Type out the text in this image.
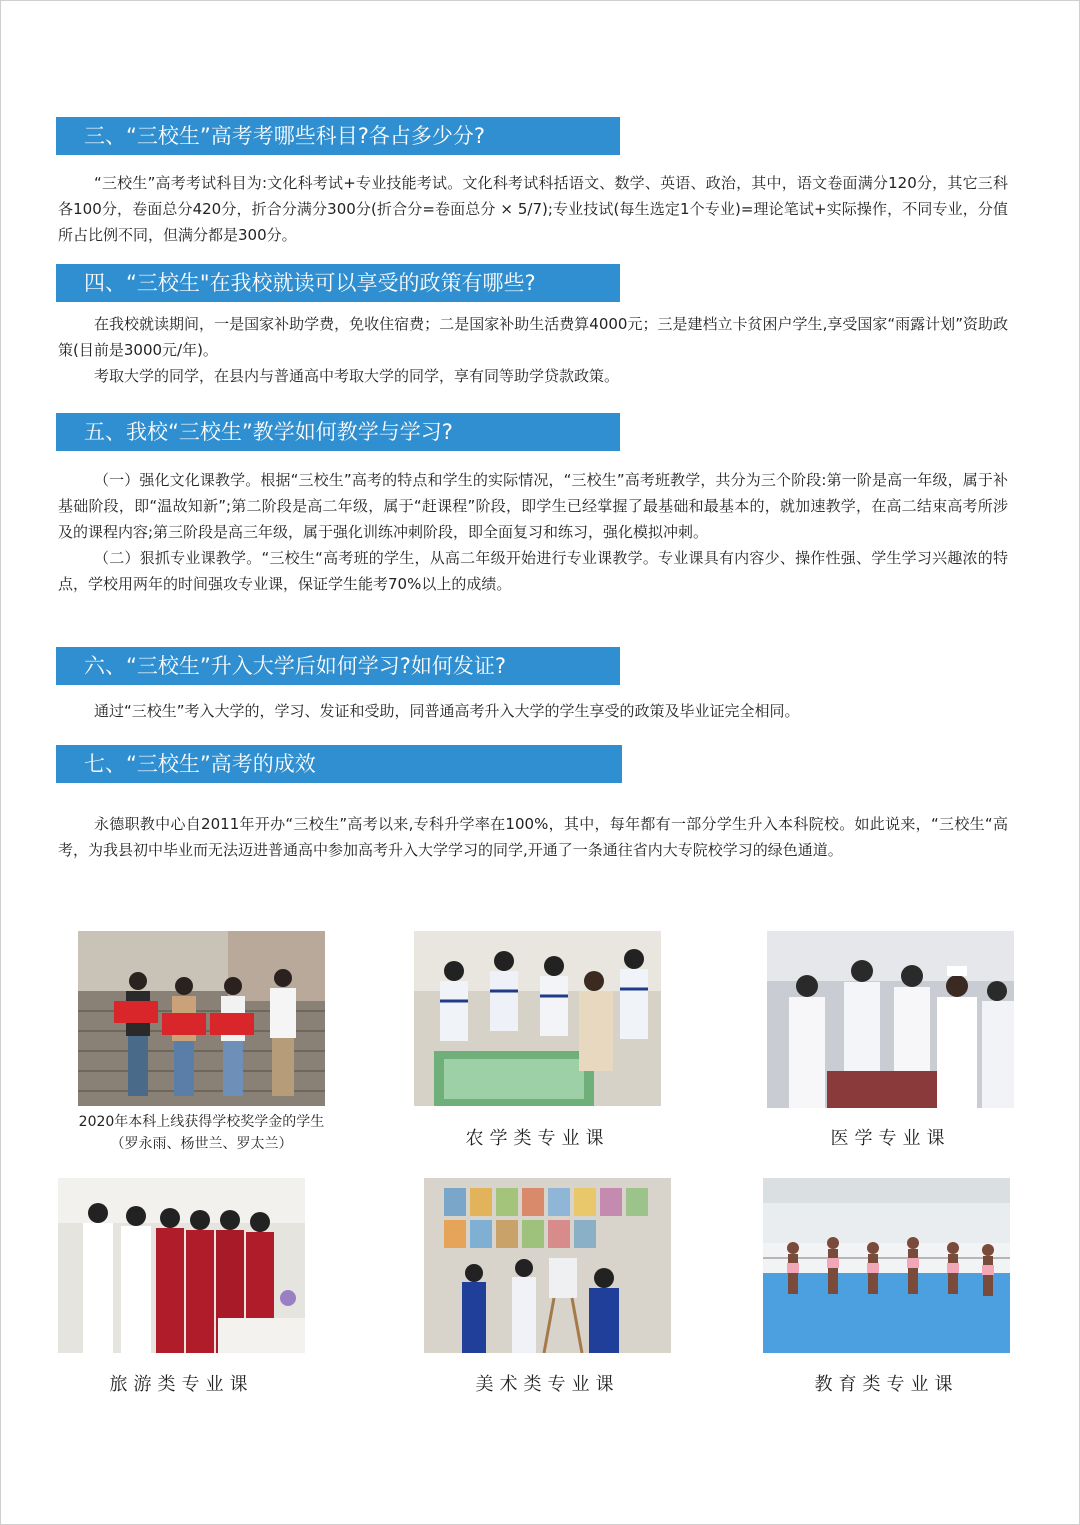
三、“三校生”高考考哪些科目?各占多少分?

“三校生”高考考试科目为:文化科考试+专业技能考试。文化科考试科括语文、数学、英语、政治，其中，语文卷面满分120分，其它三科各100分，卷面总分420分，折合分满分300分(折合分=卷面总分 × 5/7);专业技试(每生选定1个专业)=理论笔试+实际操作，不同专业，分值所占比例不同，但满分都是300分。

四、“三校生"在我校就读可以享受的政策有哪些?

在我校就读期间，一是国家补助学费，免收住宿费；二是国家补助生活费算4000元；三是建档立卡贫困户学生,享受国家“雨露计划”资助政策(目前是3000元/年)。

考取大学的同学，在县内与普通高中考取大学的同学，享有同等助学贷款政策。

五、我校“三校生”教学如何教学与学习?

（一）强化文化课教学。根据“三校生”高考的特点和学生的实际情况，“三校生”高考班教学，共分为三个阶段:第一阶是高一年级，属于补基础阶段，即“温故知新”;第二阶段是高二年级，属于“赶课程”阶段，即学生已经掌握了最基础和最基本的，就加速教学，在高二结束高考所涉及的课程内容;第三阶段是高三年级，属于强化训练冲刺阶段，即全面复习和练习，强化模拟冲刺。

（二）狠抓专业课教学。“三校生“高考班的学生，从高二年级开始进行专业课教学。专业课具有内容少、操作性强、学生学习兴趣浓的特点，学校用两年的时间强攻专业课，保证学生能考70%以上的成绩。

六、“三校生”升入大学后如何学习?如何发证?

通过“三校生”考入大学的，学习、发证和受助，同普通高考升入大学的学生享受的政策及毕业证完全相同。

七、“三校生”高考的成效

永德职教中心自2011年开办“三校生”高考以来,专科升学率在100%，其中，每年都有一部分学生升入本科院校。如此说来，“三校生“高考，为我县初中毕业而无法迈进普通高中参加高考升入大学学习的同学,开通了一条通往省内大专院校学习的绿色通道。

2020年本科上线获得学校奖学金的学生
（罗永雨、杨世兰、罗太兰）	农学类专业课	医学专业课
旅游类专业课	美术类专业课	教育类专业课
